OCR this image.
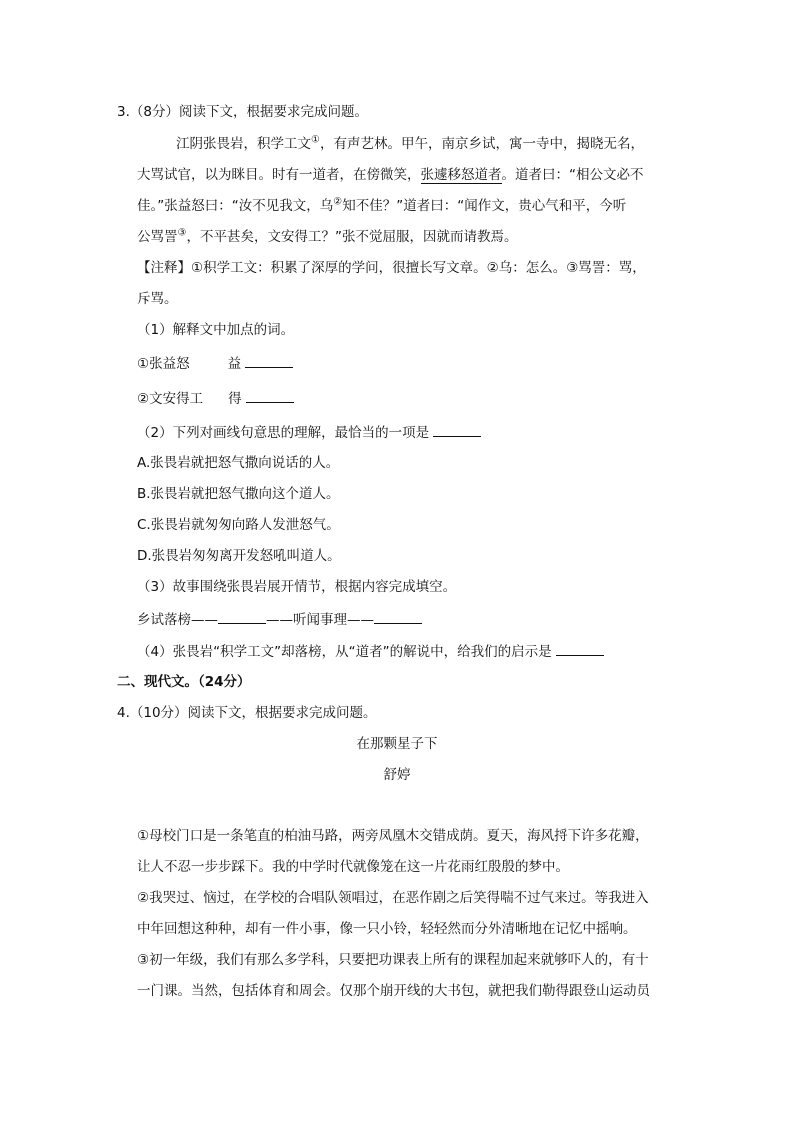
3.（8分）阅读下文，根据要求完成问题。
江阴张畏岩，积学工文①，有声艺林。甲午，南京乡试，寓一寺中，揭晓无名，
大骂试官，以为眯目。时有一道者，在傍微笑，张遽移怒道者。道者曰：“相公文必不
佳。”张益怒曰：“汝不见我文，乌②知不佳？”道者曰：“闻作文，贵心气和平，今听
公骂詈③，不平甚矣，文安得工？”张不觉屈服，因就而请教焉。
【注释】①积学工文：积累了深厚的学问，很擅长写文章。②乌：怎么。③骂詈：骂，
斥骂。
（1）解释文中加点的词。
①张益怒	益
②文安得工 得
（2）下列对画线句意思的理解，最恰当的一项是
A.张畏岩就把怒气撒向说话的人。
B.张畏岩就把怒气撒向这个道人。
C.张畏岩就匆匆向路人发泄怒气。
D.张畏岩匆匆离开发怒吼叫道人。
（3）故事围绕张畏岩展开情节，根据内容完成填空。
乡试落榜——	——听闻事理——
（4）张畏岩“积学工文”却落榜，从“道者”的解说中，给我们的启示是
二、现代文。（24分）
4.（10分）阅读下文，根据要求完成问题。
在那颗星子下
舒婷
①母校门口是一条笔直的柏油马路，两旁凤凰木交错成荫。夏天，海风捋下许多花瓣，
让人不忍一步步踩下。我的中学时代就像笼在这一片花雨红殷殷的梦中。
②我哭过、恼过，在学校的合唱队领唱过，在恶作剧之后笑得喘不过气来过。等我进入
中年回想这种种，却有一件小事，像一只小铃，轻轻然而分外清晰地在记忆中摇响。
③初一年级，我们有那么多学科，只要把功课表上所有的课程加起来就够吓人的，有十
一门课。当然，包括体育和周会。仅那个崩开线的大书包，就把我们勒得跟登山运动员
